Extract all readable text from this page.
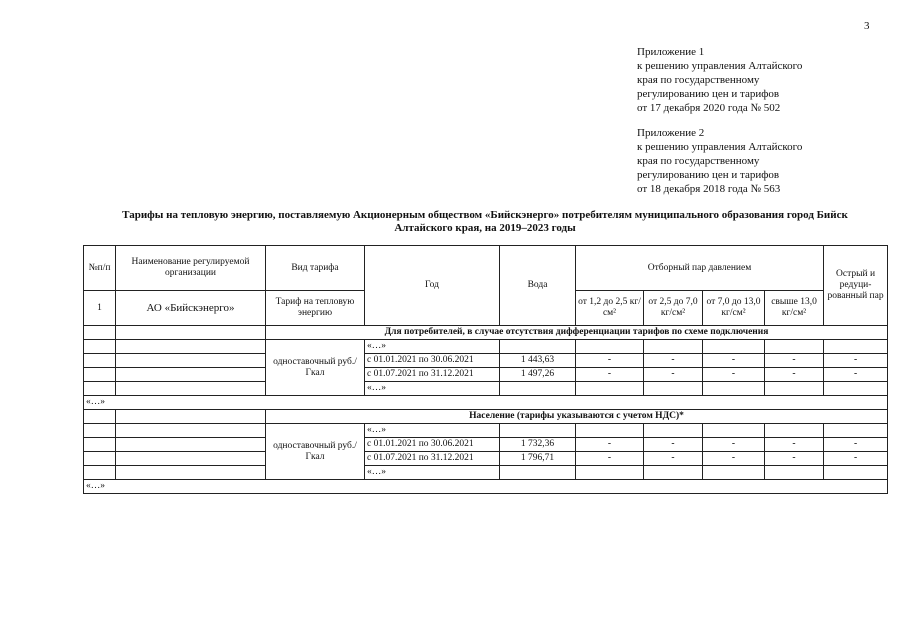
3
Приложение 1
к решению управления Алтайского
края по государственному
регулированию цен и тарифов
от 17 декабря 2020 года № 502
Приложение 2
к решению управления Алтайского
края по государственному
регулированию цен и тарифов
от 18 декабря 2018 года № 563
Тарифы на тепловую энергию, поставляемую Акционерным обществом «Бийскэнерго» потребителям муниципального образования город Бийск
Алтайского края, на 2019–2023 годы
№п/п	Наименование регулируемой организации	Вид тарифа	Год	Вода	Отборный пар давлением				Острый и редуци-рованный пар
1	АО «Бийскэнерго»	Тариф на тепловую энергию			от 1,2 до 2,5 кг/см²	от 2,5 до 7,0 кг/см²	от 7,0 до 13,0 кг/см²	свыше 13,0 кг/см²	
		Для потребителей, в случае отсутствия дифференциации тарифов по схеме подключения							
		одноставочный руб./Гкал	«…»						
			с 01.01.2021 по 30.06.2021	1 443,63	-	-	-	-	-
			с 01.07.2021 по 31.12.2021	1 497,26	-	-	-	-	-
			«…»						
«…»									
		Население (тарифы указываются с учетом НДС)*							
		одноставочный руб./Гкал	«…»						
			с 01.01.2021 по 30.06.2021	1 732,36	-	-	-	-	-
			с 01.07.2021 по 31.12.2021	1 796,71	-	-	-	-	-
			«…»						
«…»									
